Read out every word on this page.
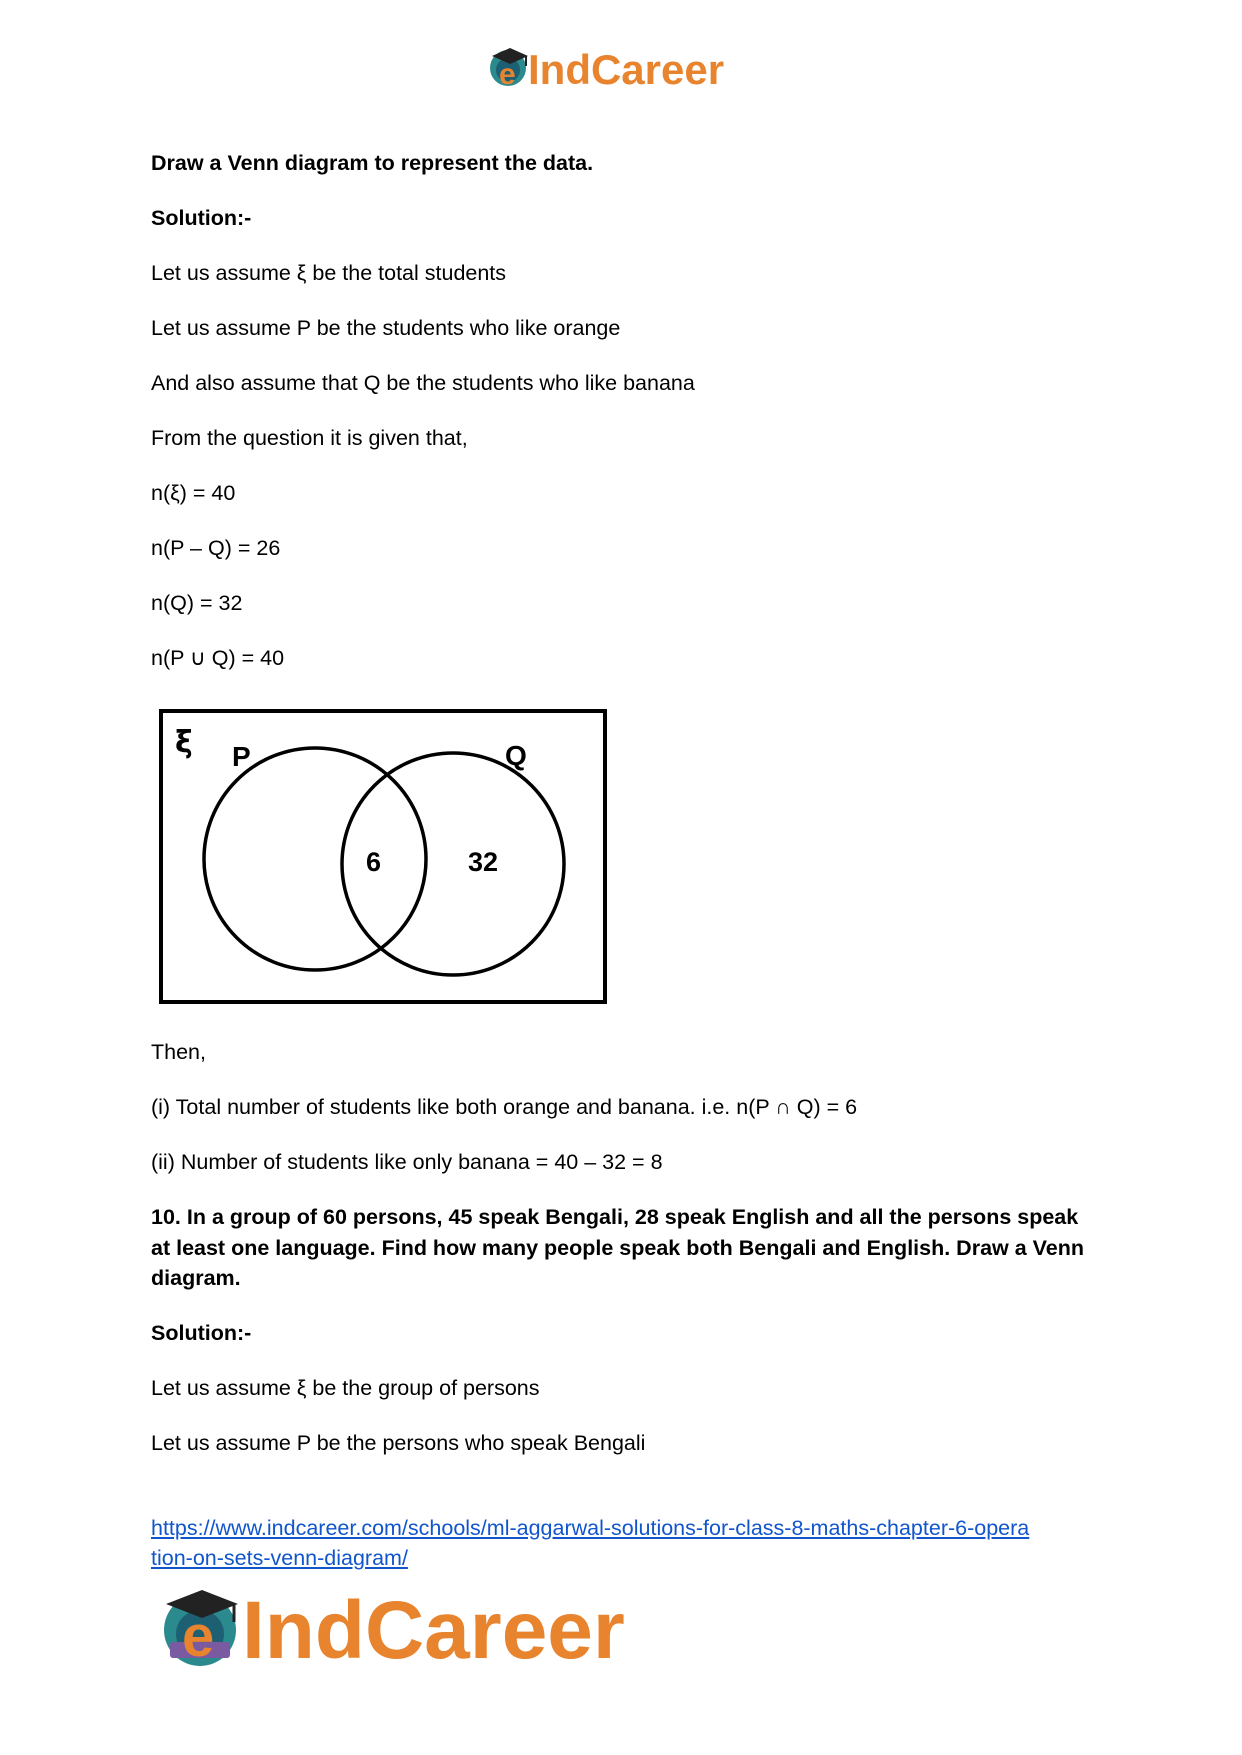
e IndCareer
Draw a Venn diagram to represent the data.
Solution:-
Let us assume ξ be the total students
Let us assume P be the students who like orange
And also assume that Q be the students who like banana
From the question it is given that,
n(ξ) = 40
n(P – Q) = 26
n(Q) = 32
n(P ∪ Q) = 40
Then,
(i) Total number of students like both orange and banana. i.e. n(P ∩ Q) = 6
(ii) Number of students like only banana = 40 – 32 = 8
10. In a group of 60 persons, 45 speak Bengali, 28 speak English and all the persons speak at least one language. Find how many people speak both Bengali and English. Draw a Venn diagram.
Solution:-
Let us assume ξ be the group of persons
Let us assume P be the persons who speak Bengali
ξ P	Q
6	32
https://www.indcareer.com/schools/ml-aggarwal-solutions-for-class-8-maths-chapter-6-opera
tion-on-sets-venn-diagram/
e IndCareer
